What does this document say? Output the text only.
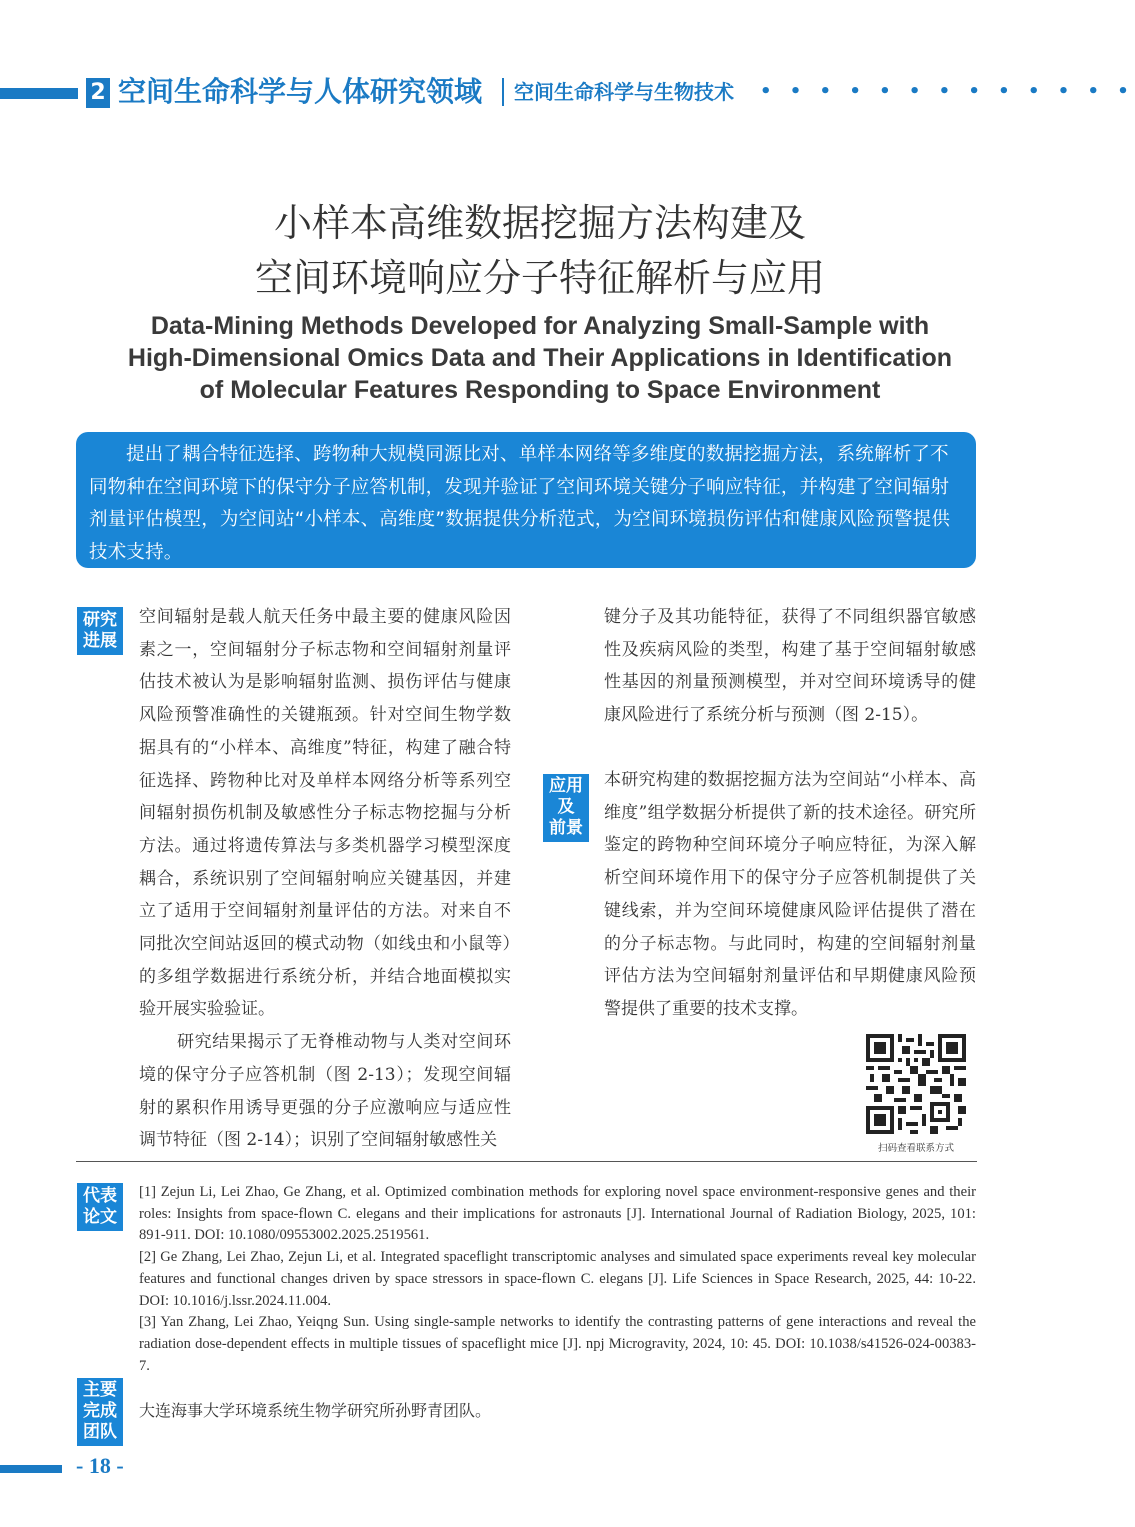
2 空间生命科学与人体研究领域 空间生命科学与生物技术 • • • • • • • • • • • • •
小样本高维数据挖掘方法构建及
空间环境响应分子特征解析与应用
Data-Mining Methods Developed for Analyzing Small-Sample with
High-Dimensional Omics Data and Their Applications in Identification
of Molecular Features Responding to Space Environment
提出了耦合特征选择、跨物种大规模同源比对、单样本网络等多维度的数据挖掘方法，系统解析了不同物种在空间环境下的保守分子应答机制，发现并验证了空间环境关键分子响应特征，并构建了空间辐射剂量评估模型，为空间站“小样本、高维度”数据提供分析范式，为空间环境损伤评估和健康风险预警提供技术支持。
研究
进展

空间辐射是载人航天任务中最主要的健康风险因素之一，空间辐射分子标志物和空间辐射剂量评估技术被认为是影响辐射监测、损伤评估与健康风险预警准确性的关键瓶颈。针对空间生物学数据具有的“小样本、高维度”特征，构建了融合特征选择、跨物种比对及单样本网络分析等系列空间辐射损伤机制及敏感性分子标志物挖掘与分析方法。通过将遗传算法与多类机器学习模型深度耦合，系统识别了空间辐射响应关键基因，并建立了适用于空间辐射剂量评估的方法。对来自不同批次空间站返回的模式动物（如线虫和小鼠等）的多组学数据进行系统分析，并结合地面模拟实验开展实验验证。

研究结果揭示了无脊椎动物与人类对空间环境的保守分子应答机制（图 2-13）；发现空间辐射的累积作用诱导更强的分子应激响应与适应性调节特征（图 2-14）；识别了空间辐射敏感性关

键分子及其功能特征，获得了不同组织器官敏感性及疾病风险的类型，构建了基于空间辐射敏感性基因的剂量预测模型，并对空间环境诱导的健康风险进行了系统分析与预测（图 2-15）。
应用
及
前景
本研究构建的数据挖掘方法为空间站“小样本、高维度”组学数据分析提供了新的技术途径。研究所鉴定的跨物种空间环境分子响应特征，为深入解析空间环境作用下的保守分子应答机制提供了关键线索，并为空间环境健康风险评估提供了潜在的分子标志物。与此同时，构建的空间辐射剂量评估方法为空间辐射剂量评估和早期健康风险预警提供了重要的技术支撑。
扫码查看联系方式
代表
论文

[1] Zejun Li, Lei Zhao, Ge Zhang, et al. Optimized combination methods for exploring novel space environment-responsive genes and their roles: Insights from space-flown C. elegans and their implications for astronauts [J]. International Journal of Radiation Biology, 2025, 101: 891-911. DOI: 10.1080/09553002.2025.2519561.

[2] Ge Zhang, Lei Zhao, Zejun Li, et al. Integrated spaceflight transcriptomic analyses and simulated space experiments reveal key molecular features and functional changes driven by space stressors in space-flown C. elegans [J]. Life Sciences in Space Research, 2025, 44: 10-22. DOI: 10.1016/j.lssr.2024.11.004.

[3] Yan Zhang, Lei Zhao, Yeiqng Sun. Using single-sample networks to identify the contrasting patterns of gene interactions and reveal the radiation dose-dependent effects in multiple tissues of spaceflight mice [J]. npj Microgravity, 2024, 10: 45. DOI: 10.1038/s41526-024-00383-7.

主要
完成
团队
大连海事大学环境系统生物学研究所孙野青团队。
- 18 -
